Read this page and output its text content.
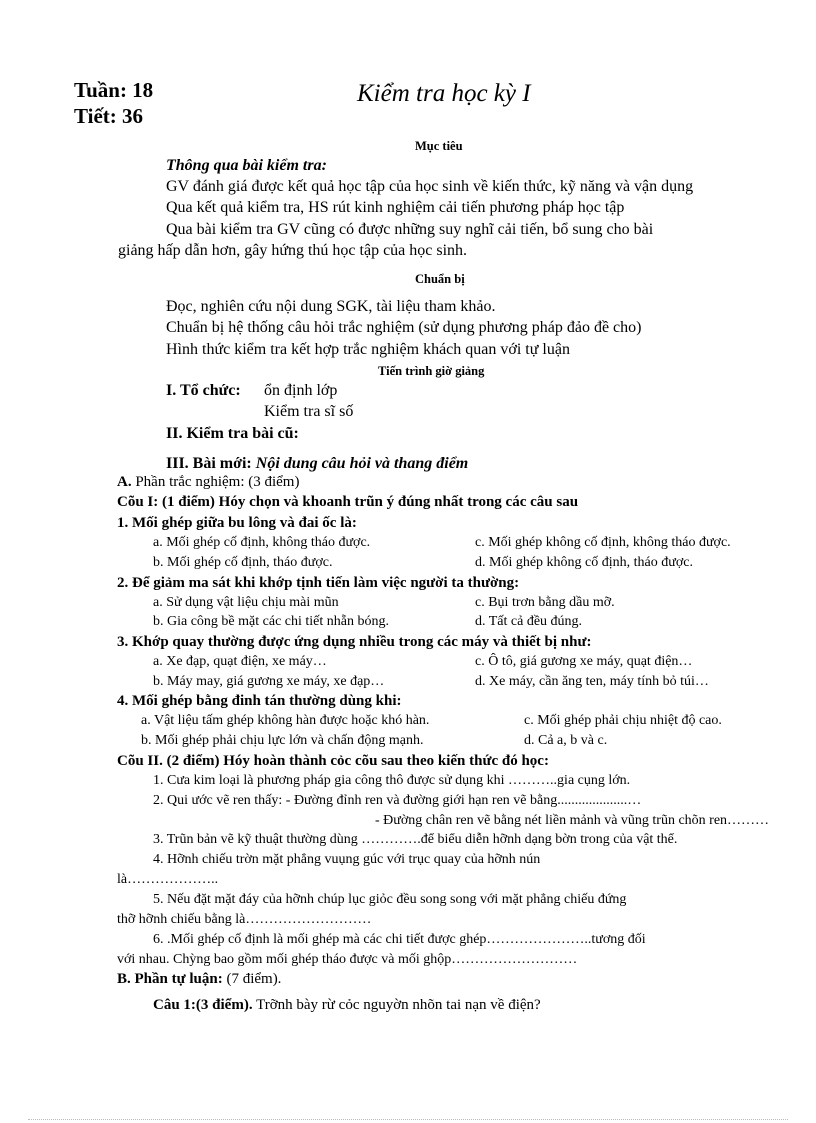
Tuần: 18
Tiết: 36
Kiểm tra học kỳ I
Mục tiêu
Thông qua bài kiểm tra:
GV đánh giá được kết quả học tập của học sinh về kiến thức, kỹ năng và vận dụng
Qua kết quả kiểm tra, HS rút kinh nghiệm cải tiến phương pháp học tập
Qua bài kiểm tra GV cũng có được những suy nghĩ cải tiến, bổ sung cho bài
giảng hấp dẫn hơn, gây hứng thú học tập của học sinh.
Chuẩn bị
Đọc, nghiên cứu nội dung SGK, tài liệu tham khảo.
Chuẩn bị hệ thống câu hỏi trắc nghiệm (sử dụng phương pháp đảo đề cho)
Hình thức kiểm tra kết hợp trắc nghiệm khách quan với tự luận
Tiến trình giờ giảng
I. Tổ chức: ổn định lớp
Kiểm tra sĩ số
II. Kiểm tra bài cũ:
III. Bài mới: Nội dung câu hỏi và thang điểm
A. Phần trắc nghiệm: (3 điểm)
Cõu I: (1 điểm) Hóy chọn và khoanh trũn ý đúng nhất trong các câu sau
1. Mối ghép giữa bu lông và đai ốc là:
a. Mối ghép cố định, không tháo được.	c. Mối ghép không cố định, không tháo được.
b. Mối ghép cố định, tháo được.	d. Mối ghép không cố định, tháo được.
2. Để giảm ma sát khi khớp tịnh tiến làm việc người ta thường:
a. Sử dụng vật liệu chịu mài mũn	c. Bụi trơn bằng dầu mỡ.
b. Gia công bề mặt các chi tiết nhẵn bóng.	d. Tất cả đều đúng.
3. Khớp quay thường được ứng dụng nhiều trong các máy và thiết bị như:
a. Xe đạp, quạt điện, xe máy…	c. Ô tô, giá gương xe máy, quạt điện…
b. Máy may, giá gương xe máy, xe đạp…	d. Xe máy, cần ăng ten, máy tính bỏ túi…
4. Mối ghép bằng đinh tán thường dùng khi:
a. Vật liệu tấm ghép không hàn được hoặc khó hàn.	c. Mối ghép phải chịu nhiệt độ cao.
b. Mối ghép phải chịu lực lớn và chấn động mạnh.	d. Cả a, b và c.
Cõu II. (2 điểm) Hóy hoàn thành cỏc cõu sau theo kiến thức đó học:
1. Cưa kim loại là phương pháp gia công thô được sử dụng khi ………..gia cụng lớn.
2. Qui ước vẽ ren thấy: - Đường đỉnh ren và đường giới hạn ren vẽ bằng....................…
- Đường chân ren vẽ bằng nét liền mảnh và vũng trũn chõn ren………
3. Trũn bản vẽ kỹ thuật thường dùng ………….để biểu diễn hỡnh dạng bờn trong của vật thể.
4. Hỡnh chiếu trờn mặt phẳng vuụng gúc với trục quay của hỡnh nún
là………………..
5. Nếu đặt mặt đáy của hỡnh chúp lục giỏc đều song song với mặt phẳng chiếu đứng
thỡ hỡnh chiếu bằng là………………………
6. .Mối ghép cố định là mối ghép mà các chi tiết được ghép…………………..tương đối
với nhau. Chỳng bao gồm mối ghép tháo được và mối ghộp………………………
B. Phần tự luận: (7 điểm).
Câu 1:(3 điểm). Trỡnh bày rừ cỏc nguyờn nhõn tai nạn về điện?
